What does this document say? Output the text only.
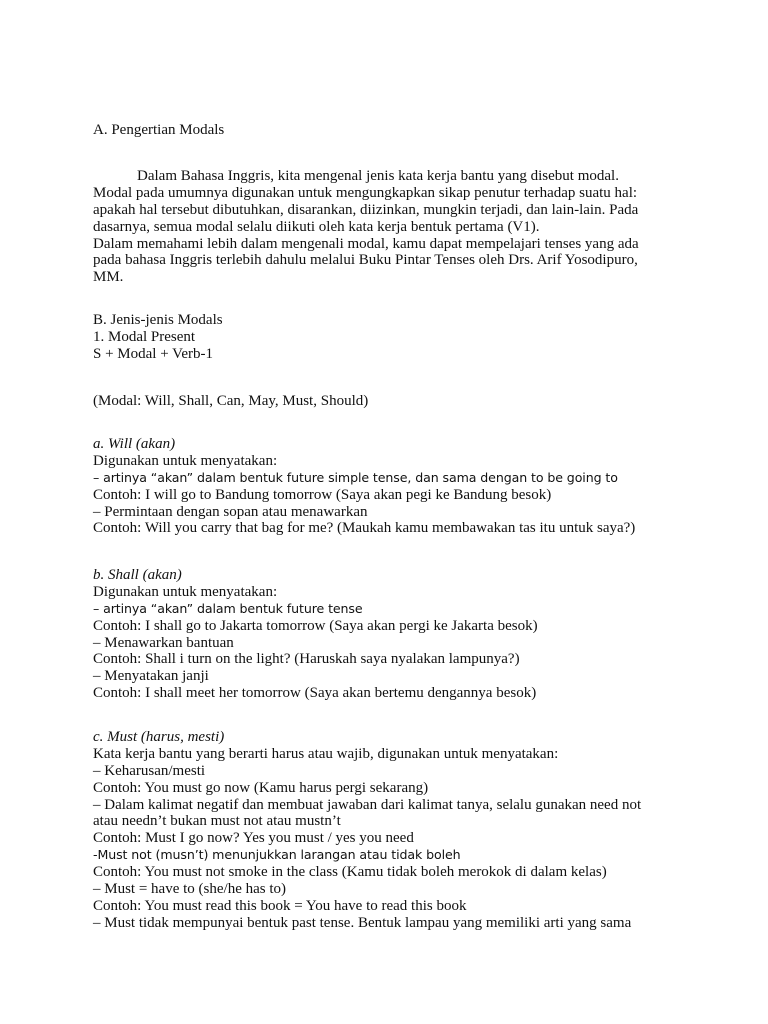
A. Pengertian Modals
Dalam Bahasa Inggris, kita mengenal jenis kata kerja bantu yang disebut modal.
Modal pada umumnya digunakan untuk mengungkapkan sikap penutur terhadap suatu hal:
apakah hal tersebut dibutuhkan, disarankan, diizinkan, mungkin terjadi, dan lain-lain. Pada
dasarnya, semua modal selalu diikuti oleh kata kerja bentuk pertama (V1).
Dalam memahami lebih dalam mengenali modal, kamu dapat mempelajari tenses yang ada
pada bahasa Inggris terlebih dahulu melalui Buku Pintar Tenses oleh Drs. Arif Yosodipuro,
MM.
B. Jenis-jenis Modals
1. Modal Present
S + Modal + Verb-1
(Modal: Will, Shall, Can, May, Must, Should)
a. Will (akan)
Digunakan untuk menyatakan:
– artinya “akan” dalam bentuk future simple tense, dan sama dengan to be going to
Contoh: I will go to Bandung tomorrow (Saya akan pegi ke Bandung besok)
– Permintaan dengan sopan atau menawarkan
Contoh: Will you carry that bag for me? (Maukah kamu membawakan tas itu untuk saya?)
b. Shall (akan)
Digunakan untuk menyatakan:
– artinya “akan” dalam bentuk future tense
Contoh: I shall go to Jakarta tomorrow (Saya akan pergi ke Jakarta besok)
– Menawarkan bantuan
Contoh: Shall i turn on the light? (Haruskah saya nyalakan lampunya?)
– Menyatakan janji
Contoh: I shall meet her tomorrow (Saya akan bertemu dengannya besok)
c. Must (harus, mesti)
Kata kerja bantu yang berarti harus atau wajib, digunakan untuk menyatakan:
– Keharusan/mesti
Contoh: You must go now (Kamu harus pergi sekarang)
– Dalam kalimat negatif dan membuat jawaban dari kalimat tanya, selalu gunakan need not
atau needn’t bukan must not atau mustn’t
Contoh: Must I go now? Yes you must / yes you need
-Must not (musn’t) menunjukkan larangan atau tidak boleh
Contoh: You must not smoke in the class (Kamu tidak boleh merokok di dalam kelas)
– Must = have to (she/he has to)
Contoh: You must read this book = You have to read this book
– Must tidak mempunyai bentuk past tense. Bentuk lampau yang memiliki arti yang sama
